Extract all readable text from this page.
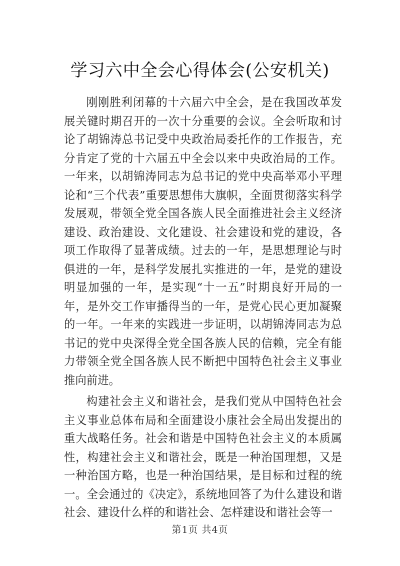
学习六中全会心得体会(公安机关)

刚刚胜利闭幕的十六届六中全会，是在我国改革发展关键时期召开的一次十分重要的会议。全会听取和讨论了胡锦涛总书记受中央政治局委托作的工作报告，充分肯定了党的十六届五中全会以来中央政治局的工作。一年来，以胡锦涛同志为总书记的党中央高举邓小平理论和“三个代表”重要思想伟大旗帜，全面贯彻落实科学发展观，带领全党全国各族人民全面推进社会主义经济建设、政治建设、文化建设、社会建设和党的建设，各项工作取得了显著成绩。过去的一年，是思想理论与时俱进的一年，是科学发展扎实推进的一年，是党的建设明显加强的一年，是实现“十一五”时期良好开局的一年，是外交工作审播得当的一年，是党心民心更加凝聚的一年。一年来的实践进一步证明，以胡锦涛同志为总书记的党中央深得全党全国各族人民的信赖，完全有能力带领全党全国各族人民不断把中国特色社会主义事业推向前进。

构建社会主义和谐社会，是我们党从中国特色社会主义事业总体布局和全面建设小康社会全局出发提出的重大战略任务。社会和谐是中国特色社会主义的本质属性，构建社会主义和谐社会，既是一种治国理想，又是一种治国方略，也是一种治国结果，是目标和过程的统一。全会通过的《决定》，系统地回答了为什么建设和谐社会、建设什么样的和谐社会、怎样建设和谐社会等一

第1页 共4页
